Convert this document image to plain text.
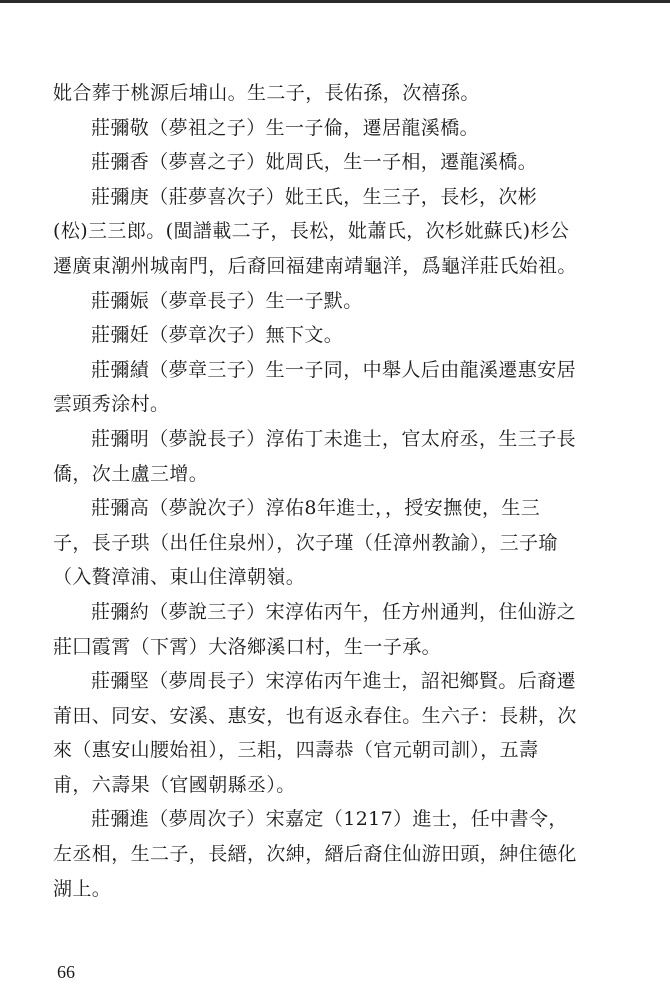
妣合葬于桃源后埔山。生二子，長佑孫，次禧孫。
莊彌敬（夢祖之子）生一子倫，遷居龍溪橋。
莊彌香（夢喜之子）妣周氏，生一子相，遷龍溪橋。
莊彌庚（莊夢喜次子）妣王氏，生三子，長杉，次彬
(松)三三郎。(閩譜載二子，長松，妣蕭氏，次杉妣蘇氏)杉公
遷廣東潮州城南門，后裔回福建南靖龜洋，爲龜洋莊氏始祖。
莊彌娠（夢章長子）生一子默。
莊彌妊（夢章次子）無下文。
莊彌績（夢章三子）生一子同，中舉人后由龍溪遷惠安居
雲頭秀涂村。
莊彌明（夢說長子）淳佑丁未進士，官太府丞，生三子長
僑，次土盧三增。
莊彌高（夢說次子）淳佑8年進士，，授安撫使，生三
子，長子珙（出任住泉州），次子瑾（任漳州教諭），三子瑜
（入贅漳浦、東山住漳朝嶺。
莊彌約（夢說三子）宋淳佑丙午，任方州通判，住仙游之
莊囗霞霄（下霄）大洛鄉溪口村，生一子承。
莊彌堅（夢周長子）宋淳佑丙午進士，詔祀鄉賢。后裔遷
莆田、同安、安溪、惠安，也有返永春住。生六子：長耕，次
來（惠安山腰始祖），三耜，四壽恭（官元朝司訓），五壽
甫，六壽果（官國朝縣丞）。
莊彌進（夢周次子）宋嘉定（1217）進士，任中書令，
左丞相，生二子，長縉，次紳，縉后裔住仙游田頭，紳住德化
湖上。
66
